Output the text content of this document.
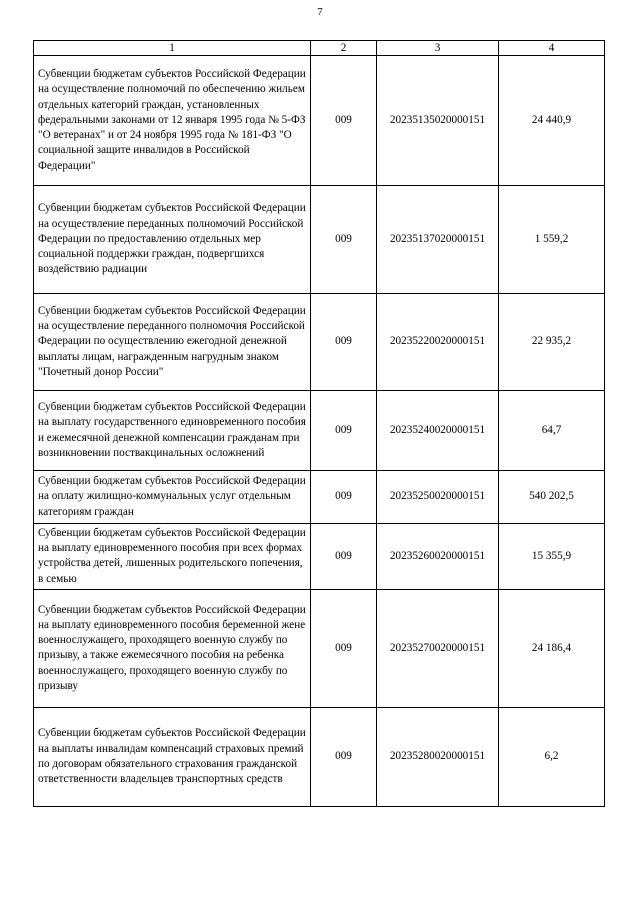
7
1	2	3	4
Субвенции бюджетам субъектов Российской Федерации на осуществление полномочий по обеспечению жильем отдельных категорий граждан, установленных федеральными законами от 12 января 1995 года № 5-ФЗ "О ветеранах" и от 24 ноября 1995 года № 181-ФЗ "О социальной защите инвалидов в Российской Федерации"	009	20235135020000151	24 440,9
Субвенции бюджетам субъектов Российской Федерации на осуществление переданных полномочий Российской Федерации по предоставлению отдельных мер социальной поддержки граждан, подвергшихся воздействию радиации	009	20235137020000151	1 559,2
Субвенции бюджетам субъектов Российской Федерации на осуществление переданного полномочия Российской Федерации по осуществлению ежегодной денежной выплаты лицам, награжденным нагрудным знаком "Почетный донор России"	009	20235220020000151	22 935,2
Субвенции бюджетам субъектов Российской Федерации на выплату государственного единовременного пособия и ежемесячной денежной компенсации гражданам при возникновении поствакцинальных осложнений	009	20235240020000151	64,7
Субвенции бюджетам субъектов Российской Федерации на оплату жилищно-коммунальных услуг отдельным категориям граждан	009	20235250020000151	540 202,5
Субвенции бюджетам субъектов Российской Федерации на выплату единовременного пособия при всех формах устройства детей, лишенных родительского попечения, в семью	009	20235260020000151	15 355,9
Субвенции бюджетам субъектов Российской Федерации на выплату единовременного пособия беременной жене военнослужащего, проходящего военную службу по призыву, а также ежемесячного пособия на ребенка военнослужащего, проходящего военную службу по призыву	009	20235270020000151	24 186,4
Субвенции бюджетам субъектов Российской Федерации на выплаты инвалидам компенсаций страховых премий по договорам обязательного страхования гражданской ответственности владельцев транспортных средств	009	20235280020000151	6,2
